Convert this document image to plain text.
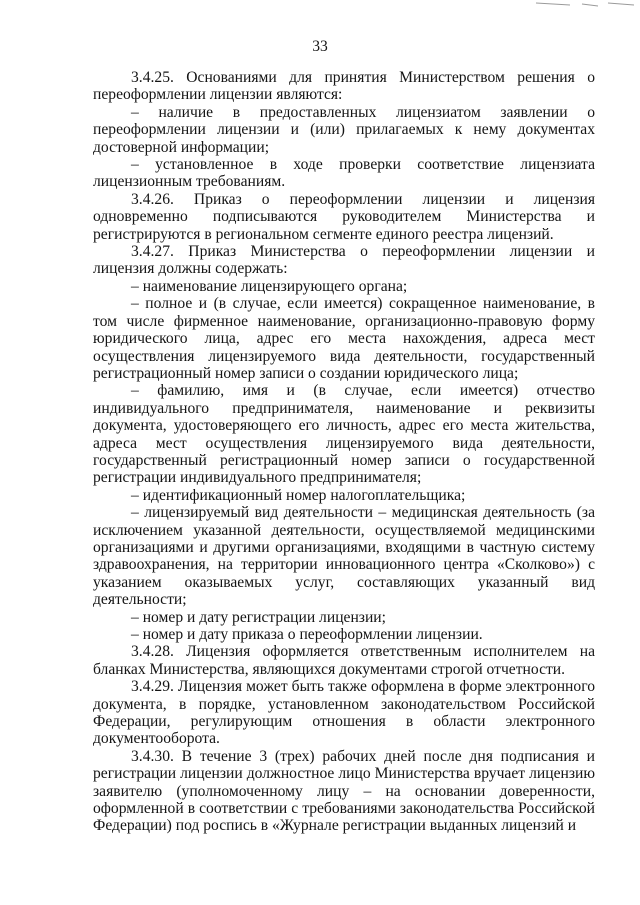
33

3.4.25. Основаниями для принятия Министерством решения о переоформлении лицензии являются:

– наличие в предоставленных лицензиатом заявлении о переоформлении лицензии и (или) прилагаемых к нему документах достоверной информации;

– установленное в ходе проверки соответствие лицензиата лицензионным требованиям.

3.4.26. Приказ о переоформлении лицензии и лицензия одновременно подписываются руководителем Министерства и регистрируются в региональном сегменте единого реестра лицензий.

3.4.27. Приказ Министерства о переоформлении лицензии и лицензия должны содержать:

– наименование лицензирующего органа;

– полное и (в случае, если имеется) сокращенное наименование, в том числе фирменное наименование, организационно-правовую форму юридического лица, адрес его места нахождения, адреса мест осуществления лицензируемого вида деятельности, государственный регистрационный номер записи о создании юридического лица;

– фамилию, имя и (в случае, если имеется) отчество индивидуального предпринимателя, наименование и реквизиты документа, удостоверяющего его личность, адрес его места жительства, адреса мест осуществления лицензируемого вида деятельности, государственный регистрационный номер записи о государственной регистрации индивидуального предпринимателя;

– идентификационный номер налогоплательщика;

– лицензируемый вид деятельности – медицинская деятельность (за исключением указанной деятельности, осуществляемой медицинскими организациями и другими организациями, входящими в частную систему здравоохранения, на территории инновационного центра «Сколково») с указанием оказываемых услуг, составляющих указанный вид деятельности;

– номер и дату регистрации лицензии;

– номер и дату приказа о переоформлении лицензии.

3.4.28. Лицензия оформляется ответственным исполнителем на бланках Министерства, являющихся документами строгой отчетности.

3.4.29. Лицензия может быть также оформлена в форме электронного документа, в порядке, установленном законодательством Российской Федерации, регулирующим отношения в области электронного документооборота.

3.4.30. В течение 3 (трех) рабочих дней после дня подписания и регистрации лицензии должностное лицо Министерства вручает лицензию заявителю (уполномоченному лицу – на основании доверенности, оформленной в соответствии с требованиями законодательства Российской Федерации) под роспись в «Журнале регистрации выданных лицензий и
